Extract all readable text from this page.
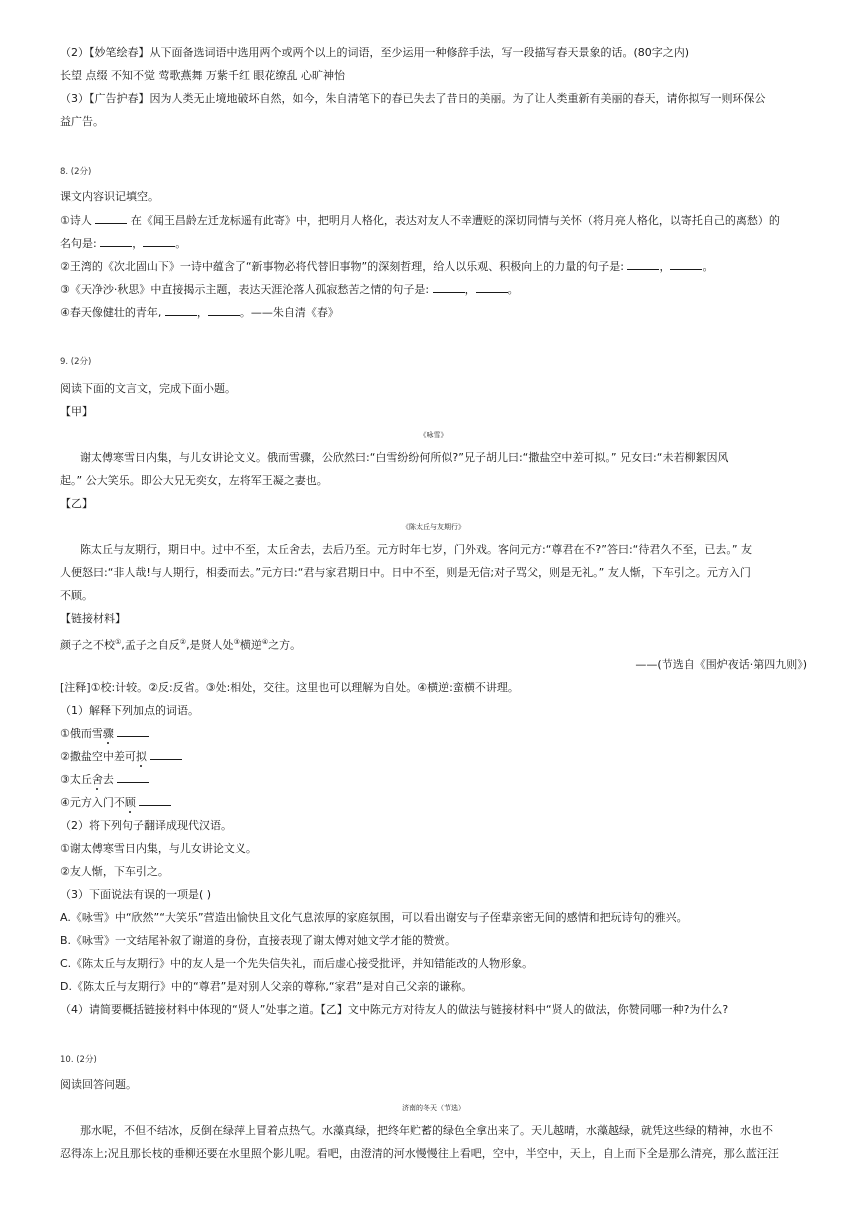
（2）【妙笔绘春】从下面备选词语中选用两个或两个以上的词语，至少运用一种修辞手法，写一段描写春天景象的话。(80字之内)
长望 点缀 不知不觉 莺歌燕舞 万紫千红 眼花缭乱 心旷神怡
（3）【广告护春】因为人类无止境地破坏自然，如今，朱自清笔下的春已失去了昔日的美丽。为了让人类重新有美丽的春天，请你拟写一则环保公
益广告。
8. (2分)
课文内容识记填空。
①诗人	在《闻王昌龄左迁龙标遥有此寄》中，把明月人格化，表达对友人不幸遭贬的深切同情与关怀（将月亮人格化，以寄托自己的离愁）的
名句是:	，	。
②王湾的《次北固山下》一诗中蕴含了“新事物必将代替旧事物”的深刻哲理，给人以乐观、积极向上的力量的句子是:	，	。
③《天净沙·秋思》中直接揭示主题，表达天涯沦落人孤寂愁苦之情的句子是:	，	。
④春天像健壮的青年,	，	。——朱自清《春》
9. (2分)
阅读下面的文言文，完成下面小题。
【甲】
《咏雪》
谢太傅寒雪日内集，与儿女讲论文义。俄而雪骤，公欣然曰:“白雪纷纷何所似?”兄子胡儿曰:“撒盐空中差可拟。” 兄女曰:“未若柳絮因风
起。” 公大笑乐。即公大兄无奕女，左将军王凝之妻也。
【乙】
《陈太丘与友期行》
陈太丘与友期行，期日中。过中不至，太丘舍去，去后乃至。元方时年七岁，门外戏。客问元方:“尊君在不?”答曰:“待君久不至，已去。” 友
人便怒曰:“非人哉!与人期行，相委而去。”元方曰:“君与家君期日中。日中不至，则是无信;对子骂父，则是无礼。” 友人惭，下车引之。元方入门
不顾。
【链接材料】
颜子之不校①,孟子之自反②,是贤人处③横逆④之方。
——(节选自《围炉夜话·第四九则》)
[注释]①校:计较。②反:反省。③处:相处，交往。这里也可以理解为自处。④横逆:蛮横不讲理。
（1）解释下列加点的词语。
①俄而雪骤
②撒盐空中差可拟
③太丘舍去
④元方入门不顾
（2）将下列句子翻译成现代汉语。
①谢太傅寒雪日内集，与儿女讲论文义。
②友人惭，下车引之。
（3）下面说法有误的一项是( )
A.《咏雪》中“欣然”“大笑乐”营造出愉快且文化气息浓厚的家庭氛围，可以看出谢安与子侄辈亲密无间的感情和把玩诗句的雅兴。
B.《咏雪》一文结尾补叙了谢道的身份，直接表现了谢太傅对她文学才能的赞赏。
C.《陈太丘与友期行》中的友人是一个先失信失礼，而后虚心接受批评，并知错能改的人物形象。
D.《陈太丘与友期行》中的“尊君”是对别人父亲的尊称,“家君”是对自己父亲的谦称。
（4）请简要概括链接材料中体现的“贤人”处事之道。【乙】文中陈元方对待友人的做法与链接材料中“贤人的做法，你赞同哪一种?为什么?
10. (2分)
阅读回答问题。
济南的冬天（节选）
那水呢，不但不结冰，反倒在绿萍上冒着点热气。水藻真绿，把终年贮蓄的绿色全拿出来了。天儿越晴，水藻越绿，就凭这些绿的精神，水也不
忍得冻上;况且那长枝的垂柳还要在水里照个影儿呢。看吧，由澄清的河水慢慢往上看吧，空中，半空中，天上，自上而下全是那么清亮，那么蓝汪汪
